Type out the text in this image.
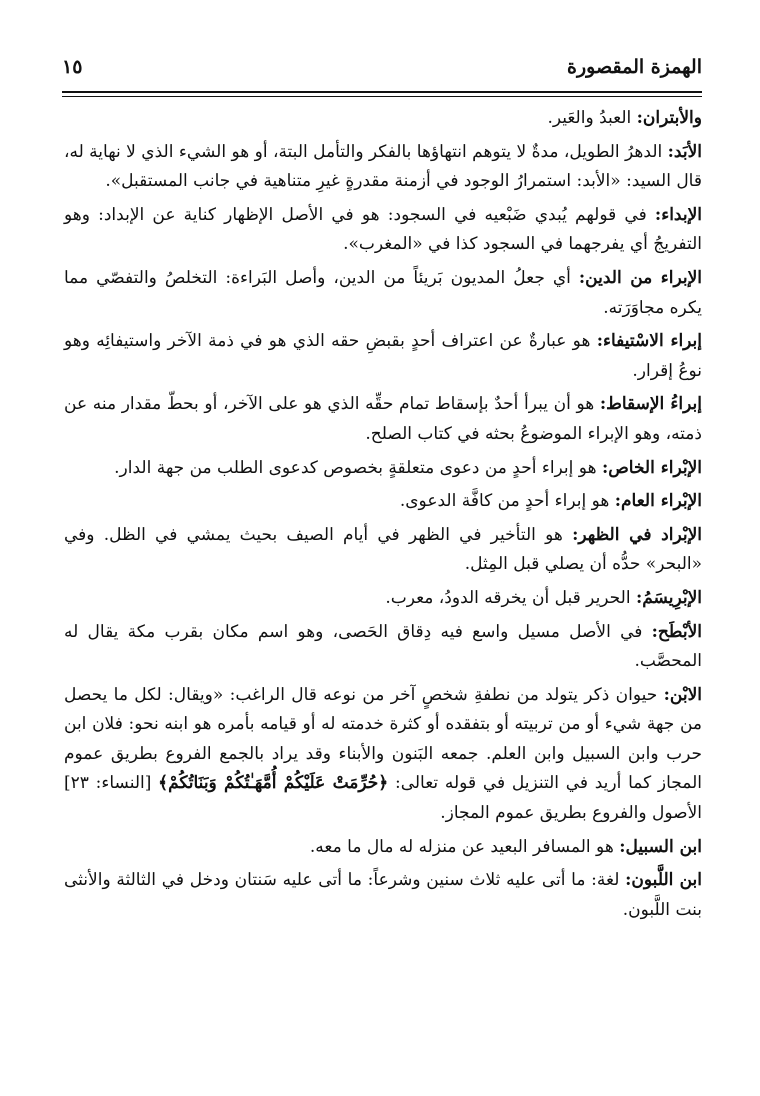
الهمزة المقصورة
١٥

والأبتران: العبدُ والعَير.

الأبَد: الدهرُ الطويل، مدةٌ لا يتوهم انتهاؤها بالفكر والتأمل البتة، أو هو الشيء الذي لا نهاية له، قال السيد: «الأبد: استمرارُ الوجود في أزمنة مقدرةٍ غيرِ متناهية في جانب المستقبل».

الإبداء: في قولهم يُبدي ضَبْعيه في السجود: هو في الأصل الإظهار كناية عن الإبداد: وهو التفريجُ أي يفرجهما في السجود كذا في «المغرب».

الإبراء من الدين: أي جعلُ المديون بَريئاً من الدين، وأصل البَراءة: التخلصُ والتفصّي مما يكره مجاوَرَته.

إبراء الاسْتيفاء: هو عبارةٌ عن اعتراف أحدٍ بقبضِ حقه الذي هو في ذمة الآخر واستيفائِه وهو نوعُ إقرار.

إبراءُ الإسقاط: هو أن يبرأ أحدٌ بإسقاط تمام حقِّه الذي هو على الآخر، أو بحطّ مقدار منه عن ذمته، وهو الإبراء الموضوعُ بحثه في كتاب الصلح.

الإبْراء الخاص: هو إبراء أحدٍ من دعوى متعلقةٍ بخصوص كدعوى الطلب من جهة الدار.

الإبْراء العام: هو إبراء أحدٍ من كافَّة الدعوى.

الإبْراد في الظهر: هو التأخير في الظهر في أيام الصيف بحيث يمشي في الظل. وفي «البحر» حدُّه أن يصلي قبل المِثل.

الإبْرِيسَمُ: الحرير قبل أن يخرقه الدودُ، معرب.

الأبْطَح: في الأصل مسيل واسع فيه دِقاق الحَصى، وهو اسم مكان بقرب مكة يقال له المحصَّب.

الابْن: حيوان ذكر يتولد من نطفةِ شخصٍ آخر من نوعه قال الراغب: «ويقال: لكل ما يحصل من جهة شيء أو من تربيته أو بتفقده أو كثرة خدمته له أو قيامه بأمره هو ابنه نحو: فلان ابن حرب وابن السبيل وابن العلم. جمعه البَنون والأبناء وقد يراد بالجمع الفروع بطريق عموم المجاز كما أريد في التنزيل في قوله تعالى: ﴿حُرِّمَتْ عَلَيْكُمْ أُمَّهَـٰتُكُمْ وَبَنَاتُكُمْ﴾ [النساء: ٢٣] الأصول والفروع بطريق عموم المجاز.

ابن السبيل: هو المسافر البعيد عن منزله له مال ما معه.

ابن اللَّبون: لغة: ما أتى عليه ثلاث سنين وشرعاً: ما أتى عليه سَنتان ودخل في الثالثة والأنثى بنت اللَّبون.
